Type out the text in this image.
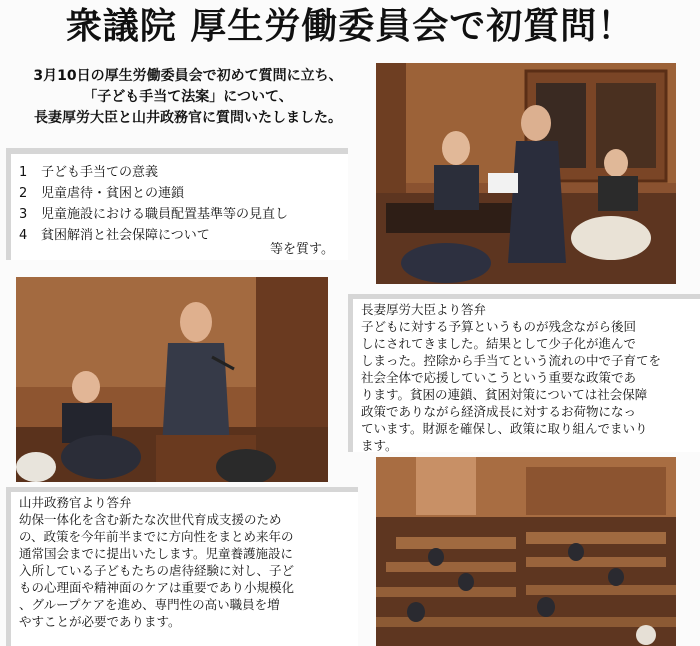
衆議院 厚生労働委員会で初質問！
3月10日の厚生労働委員会で初めて質問に立ち、
「子ども手当て法案」について、
長妻厚労大臣と山井政務官に質問いたしました。
1 子ども手当ての意義
2 児童虐待・貧困との連鎖
3 児童施設における職員配置基準等の見直し
4 貧困解消と社会保障について
等を質す。
長妻厚労大臣より答弁
子どもに対する予算というものが残念ながら後回
しにされてきました。結果として少子化が進んで
しまった。控除から手当てという流れの中で子育てを
社会全体で応援していこうという重要な政策であ
ります。貧困の連鎖、貧困対策については社会保障
政策でありながら経済成長に対するお荷物になっ
ています。財源を確保し、政策に取り組んでまいり
ます。
山井政務官より答弁
幼保一体化を含む新たな次世代育成支援のため
の、政策を今年前半までに方向性をまとめ来年の
通常国会までに提出いたします。児童養護施設に
入所している子どもたちの虐待経験に対し、子ど
もの心理面や精神面のケアは重要であり小規模化
、グループケアを進め、専門性の高い職員を増
やすことが必要であります。
